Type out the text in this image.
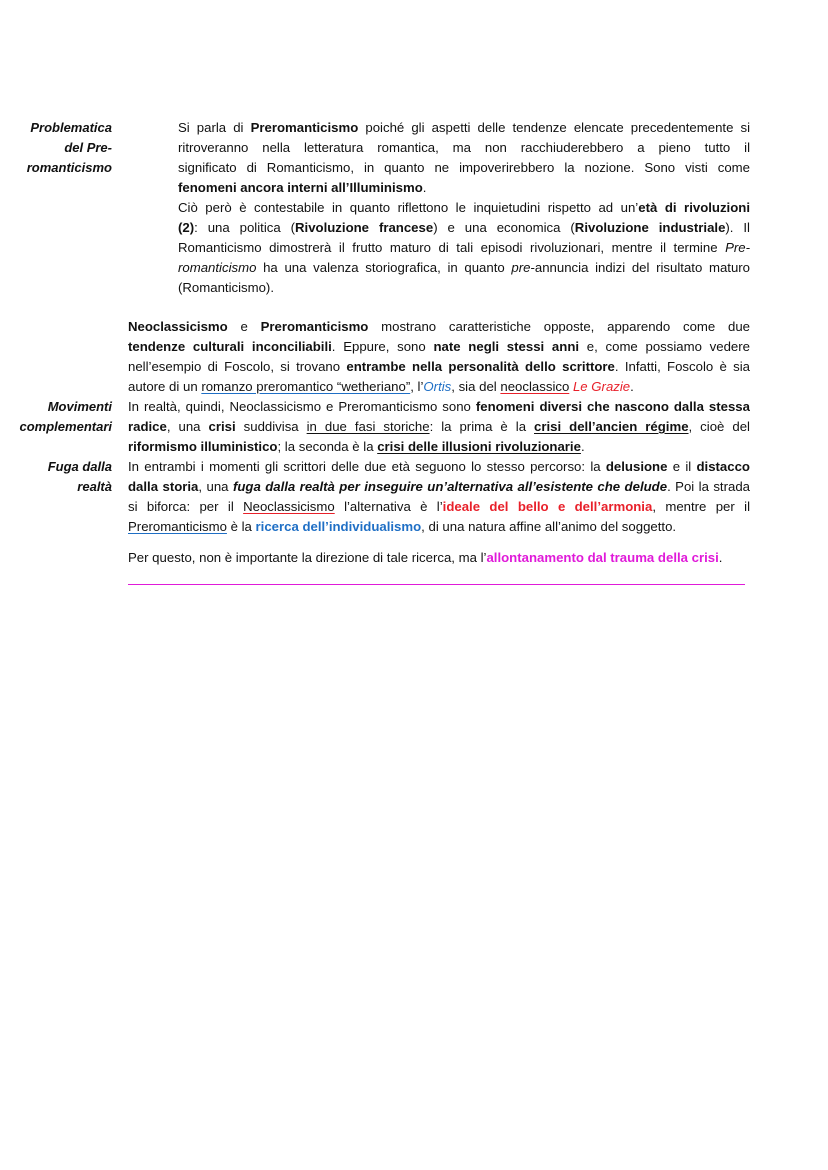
Problematica
del Pre-
romanticismo
Movimenti
complementari
Fuga dalla
realtà
Si parla di Preromanticismo poiché gli aspetti delle tendenze elencate precedentemente si
ritroveranno nella letteratura romantica, ma non racchiuderebbero a pieno tutto il
significato di Romanticismo, in quanto ne impoverirebbero la nozione. Sono visti come
fenomeni ancora interni all’Illuminismo.
Ciò però è contestabile in quanto riflettono le inquietudini rispetto ad un’età di rivoluzioni
(2): una politica (Rivoluzione francese) e una economica (Rivoluzione industriale). Il
Romanticismo dimostrerà il frutto maturo di tali episodi rivoluzionari, mentre il termine Pre-
romanticismo ha una valenza storiografica, in quanto pre-annuncia indizi del risultato maturo
(Romanticismo).
Neoclassicismo e Preromanticismo mostrano caratteristiche opposte, apparendo come due
tendenze culturali inconciliabili. Eppure, sono nate negli stessi anni e, come possiamo vedere
nell’esempio di Foscolo, si trovano entrambe nella personalità dello scrittore. Infatti, Foscolo è sia
autore di un romanzo preromantico “wetheriano”, l’Ortis, sia del neoclassico Le Grazie.
In realtà, quindi, Neoclassicismo e Preromanticismo sono fenomeni diversi che nascono dalla stessa
radice, una crisi suddivisa in due fasi storiche: la prima è la crisi dell’ancien régime, cioè del
riformismo illuministico; la seconda è la crisi delle illusioni rivoluzionarie.
In entrambi i momenti gli scrittori delle due età seguono lo stesso percorso: la delusione e il distacco
dalla storia, una fuga dalla realtà per inseguire un’alternativa all’esistente che delude. Poi la strada
si biforca: per il Neoclassicismo l’alternativa è l’ideale del bello e dell’armonia, mentre per il
Preromanticismo è la ricerca dell’individualismo, di una natura affine all’animo del soggetto.
Per questo, non è importante la direzione di tale ricerca, ma l’allontanamento dal trauma della crisi.
